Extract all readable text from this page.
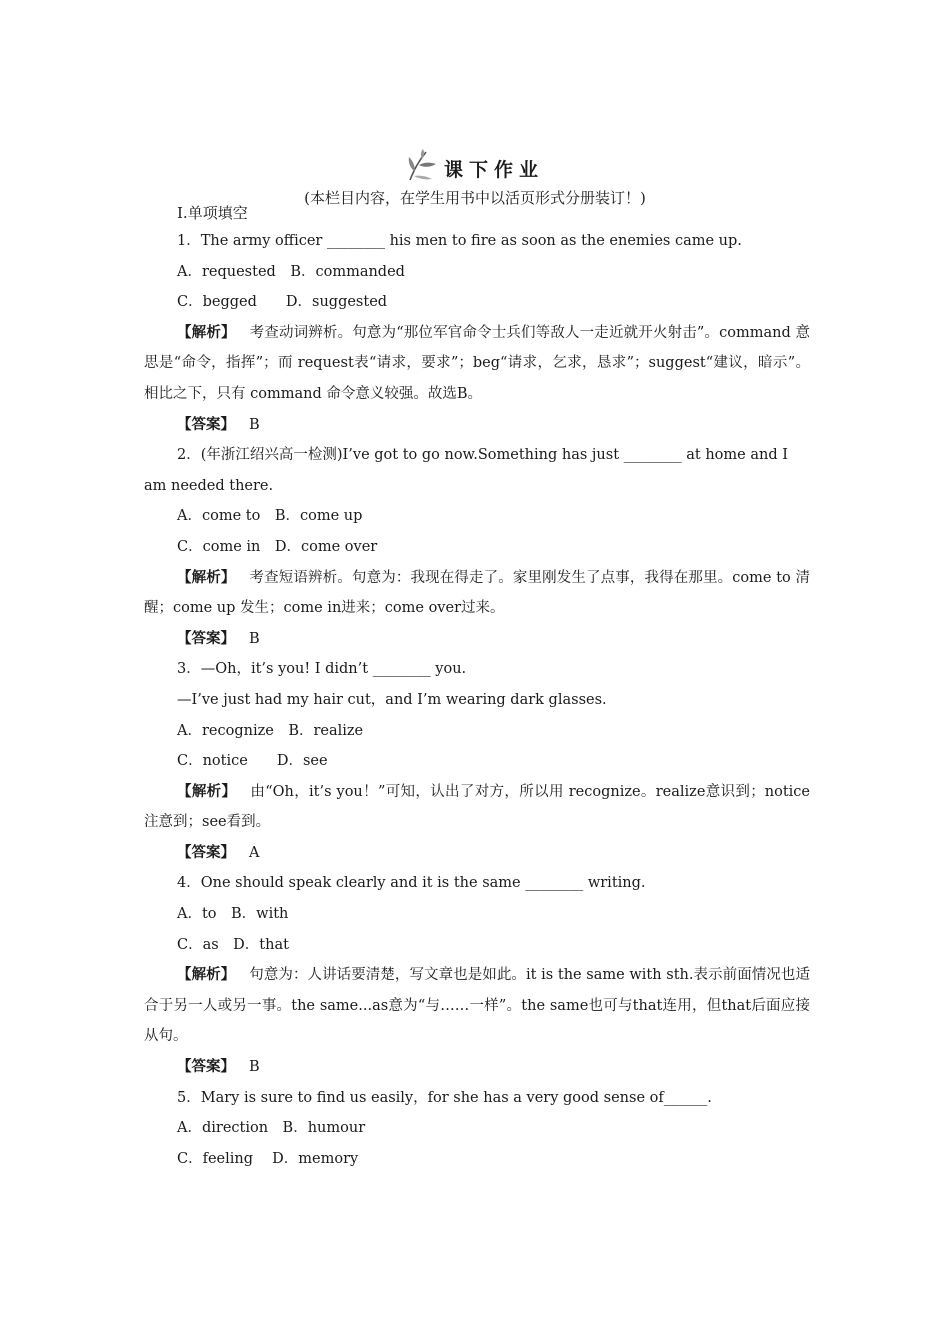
课下作业
(本栏目内容，在学生用书中以活页形式分册装订！)
Ⅰ.单项填空
1．The army officer ________ his men to fire as soon as the enemies came up.
A．requested　B．commanded
C．begged　　D．suggested
【解析】 考查动词辨析。句意为“那位军官命令士兵们等敌人一走近就开火射击”。command 意思是“命令，指挥”；而 request表“请求，要求”；beg“请求，乞求，恳求”；suggest“建议，暗示”。相比之下，只有 command 命令意义较强。故选B。
【答案】 B
2．(年浙江绍兴高一检测)I’ve got to go now.Something has just ________ at home and I am needed there.
A．come to　B．come up
C．come in　D．come over
【解析】 考查短语辨析。句意为：我现在得走了。家里刚发生了点事，我得在那里。come to 清醒；come up 发生；come in进来；come over过来。
【答案】 B
3．—Oh，it’s you! I didn’t ________ you.
—I’ve just had my hair cut，and I’m wearing dark glasses.
A．recognize　B．realize
C．notice　　D．see
【解析】 由“Oh，it’s you！”可知，认出了对方，所以用 recognize。realize意识到；notice注意到；see看到。
【答案】 A
4．One should speak clearly and it is the same ________ writing.
A．to　B．with
C．as　D．that
【解析】 句意为：人讲话要清楚，写文章也是如此。it is the same with sth.表示前面情况也适合于另一人或另一事。the same...as意为“与……一样”。the same也可与that连用，但that后面应接从句。
【答案】 B
5．Mary is sure to find us easily，for she has a very good sense of______.
A．direction　B．humour
C．feeling　 D．memory
